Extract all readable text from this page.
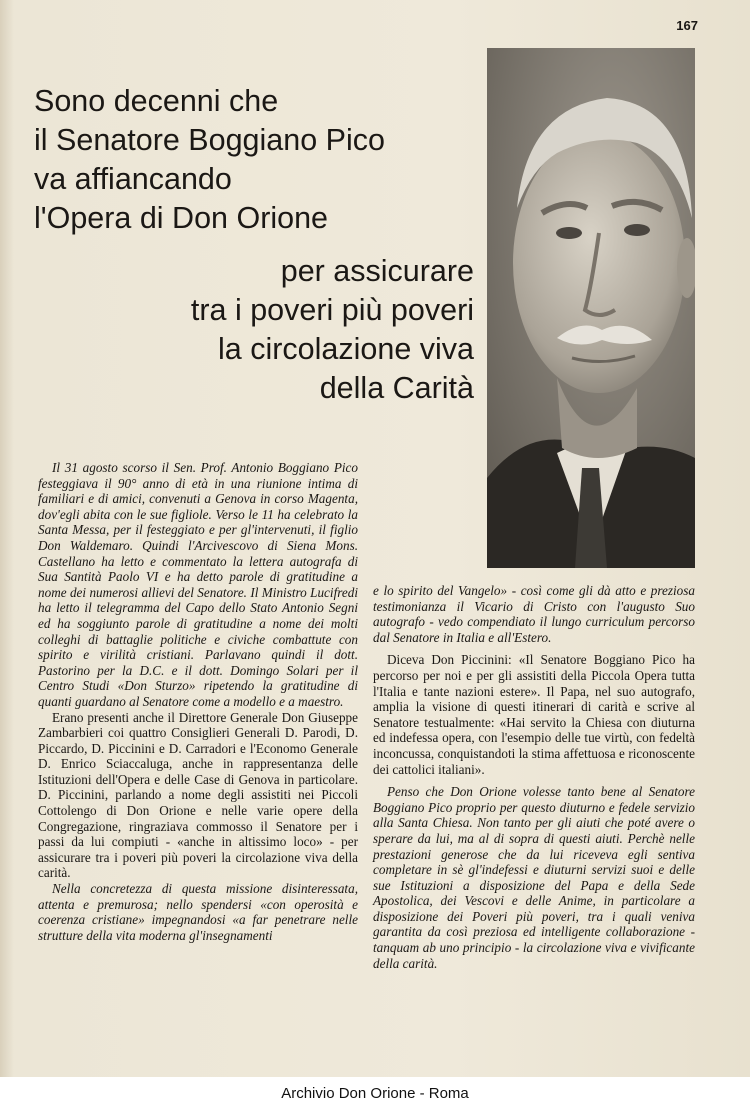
167
Sono decenni che
il Senatore Boggiano Pico
va affiancando
l'Opera di Don Orione
per assicurare
tra i poveri più poveri
la circolazione viva
della Carità

Il 31 agosto scorso il Sen. Prof. Antonio Boggiano Pico festeggiava il 90° anno di età in una riunione intima di familiari e di amici, convenuti a Genova in corso Magenta, dov'egli abita con le sue figliole. Verso le 11 ha celebrato la Santa Messa, per il festeggiato e per gl'intervenuti, il figlio Don Waldemaro. Quindi l'Arcivescovo di Siena Mons. Castellano ha letto e commentato la lettera autografa di Sua Santità Paolo VI e ha detto parole di gratitudine a nome dei numerosi allievi del Senatore. Il Ministro Lucifredi ha letto il telegramma del Capo dello Stato Antonio Segni ed ha soggiunto parole di gratitudine a nome dei molti colleghi di battaglie politiche e civiche combattute con spirito e virilità cristiani. Parlavano quindi il dott. Pastorino per la D.C. e il dott. Domingo Solari per il Centro Studi «Don Sturzo» ripetendo la gratitudine di quanti guardano al Senatore come a modello e a maestro.

Erano presenti anche il Direttore Generale Don Giuseppe Zambarbieri coi quattro Consiglieri Generali D. Parodi, D. Piccardo, D. Piccinini e D. Carradori e l'Economo Generale D. Enrico Sciaccaluga, anche in rappresentanza delle Istituzioni dell'Opera e delle Case di Genova in particolare. D. Piccinini, parlando a nome degli assistiti nei Piccoli Cottolengo di Don Orione e nelle varie opere della Congregazione, ringraziava commosso il Senatore per i passi da lui compiuti - «anche in altissimo loco» - per assicurare tra i poveri più poveri la circolazione viva della carità.

Nella concretezza di questa missione disinteressata, attenta e premurosa; nello spendersi «con operosità e coerenza cristiane» impegnandosi «a far penetrare nelle strutture della vita moderna gl'insegnamenti

e lo spirito del Vangelo» - così come gli dà atto e preziosa testimonianza il Vicario di Cristo con l'augusto Suo autografo - vedo compendiato il lungo curriculum percorso dal Senatore in Italia e all'Estero.

Diceva Don Piccinini: «Il Senatore Boggiano Pico ha percorso per noi e per gli assistiti della Piccola Opera tutta l'Italia e tante nazioni estere». Il Papa, nel suo autografo, amplia la visione di questi itinerari di carità e scrive al Senatore testualmente: «Hai servito la Chiesa con diuturna ed indefessa opera, con l'esempio delle tue virtù, con fedeltà inconcussa, conquistandoti la stima affettuosa e riconoscente dei cattolici italiani».

Penso che Don Orione volesse tanto bene al Senatore Boggiano Pico proprio per questo diuturno e fedele servizio alla Santa Chiesa. Non tanto per gli aiuti che poté avere o sperare da lui, ma al di sopra di questi aiuti. Perchè nelle prestazioni generose che da lui riceveva egli sentiva completare in sè gl'indefessi e diuturni servizi suoi e delle sue Istituzioni a disposizione del Papa e della Sede Apostolica, dei Vescovi e delle Anime, in particolare a disposizione dei Poveri più poveri, tra i quali veniva garantita da così preziosa ed intelligente collaborazione - tanquam ab uno principio - la circolazione viva e vivificante della carità.

Archivio Don Orione - Roma
